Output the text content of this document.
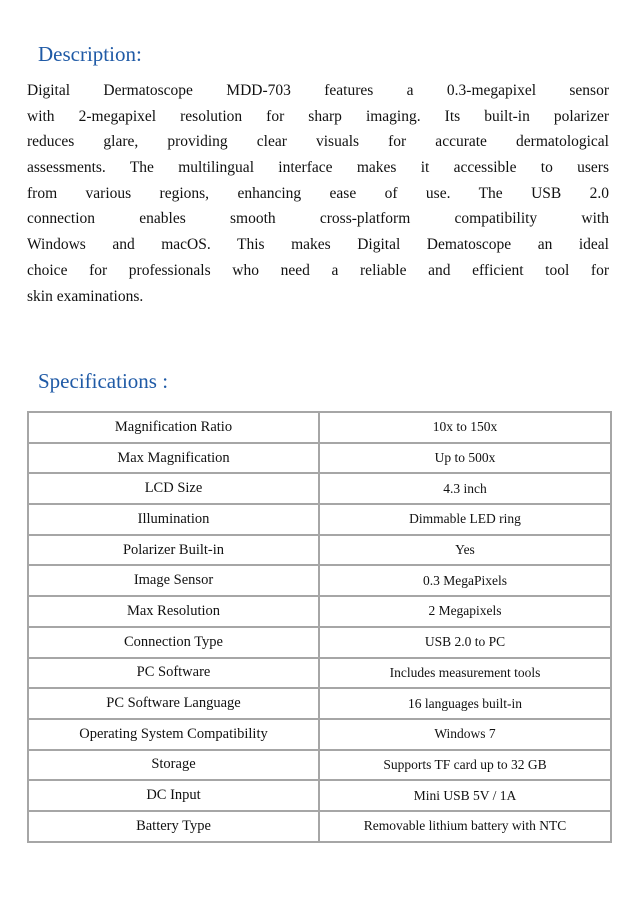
Description:

Digital Dermatoscope MDD-703 features a 0.3-megapixel sensor
with 2-megapixel resolution for sharp imaging. Its built-in polarizer
reduces glare, providing clear visuals for accurate dermatological
assessments. The multilingual interface makes it accessible to users
from various regions, enhancing ease of use. The USB 2.0
connection enables smooth cross-platform compatibility with
Windows and macOS. This makes Digital Dematoscope an ideal
choice for professionals who need a reliable and efficient tool for
skin examinations.

Specifications :
Magnification Ratio	10x to 150x
Max Magnification	Up to 500x
LCD Size	4.3 inch
Illumination	Dimmable LED ring
Polarizer Built-in	Yes
Image Sensor	0.3 MegaPixels
Max Resolution	2 Megapixels
Connection Type	USB 2.0 to PC
PC Software	Includes measurement tools
PC Software Language	16 languages built-in
Operating System Compatibility	Windows 7
Storage	Supports TF card up to 32 GB
DC Input	Mini USB 5V / 1A
Battery Type	Removable lithium battery with NTC
